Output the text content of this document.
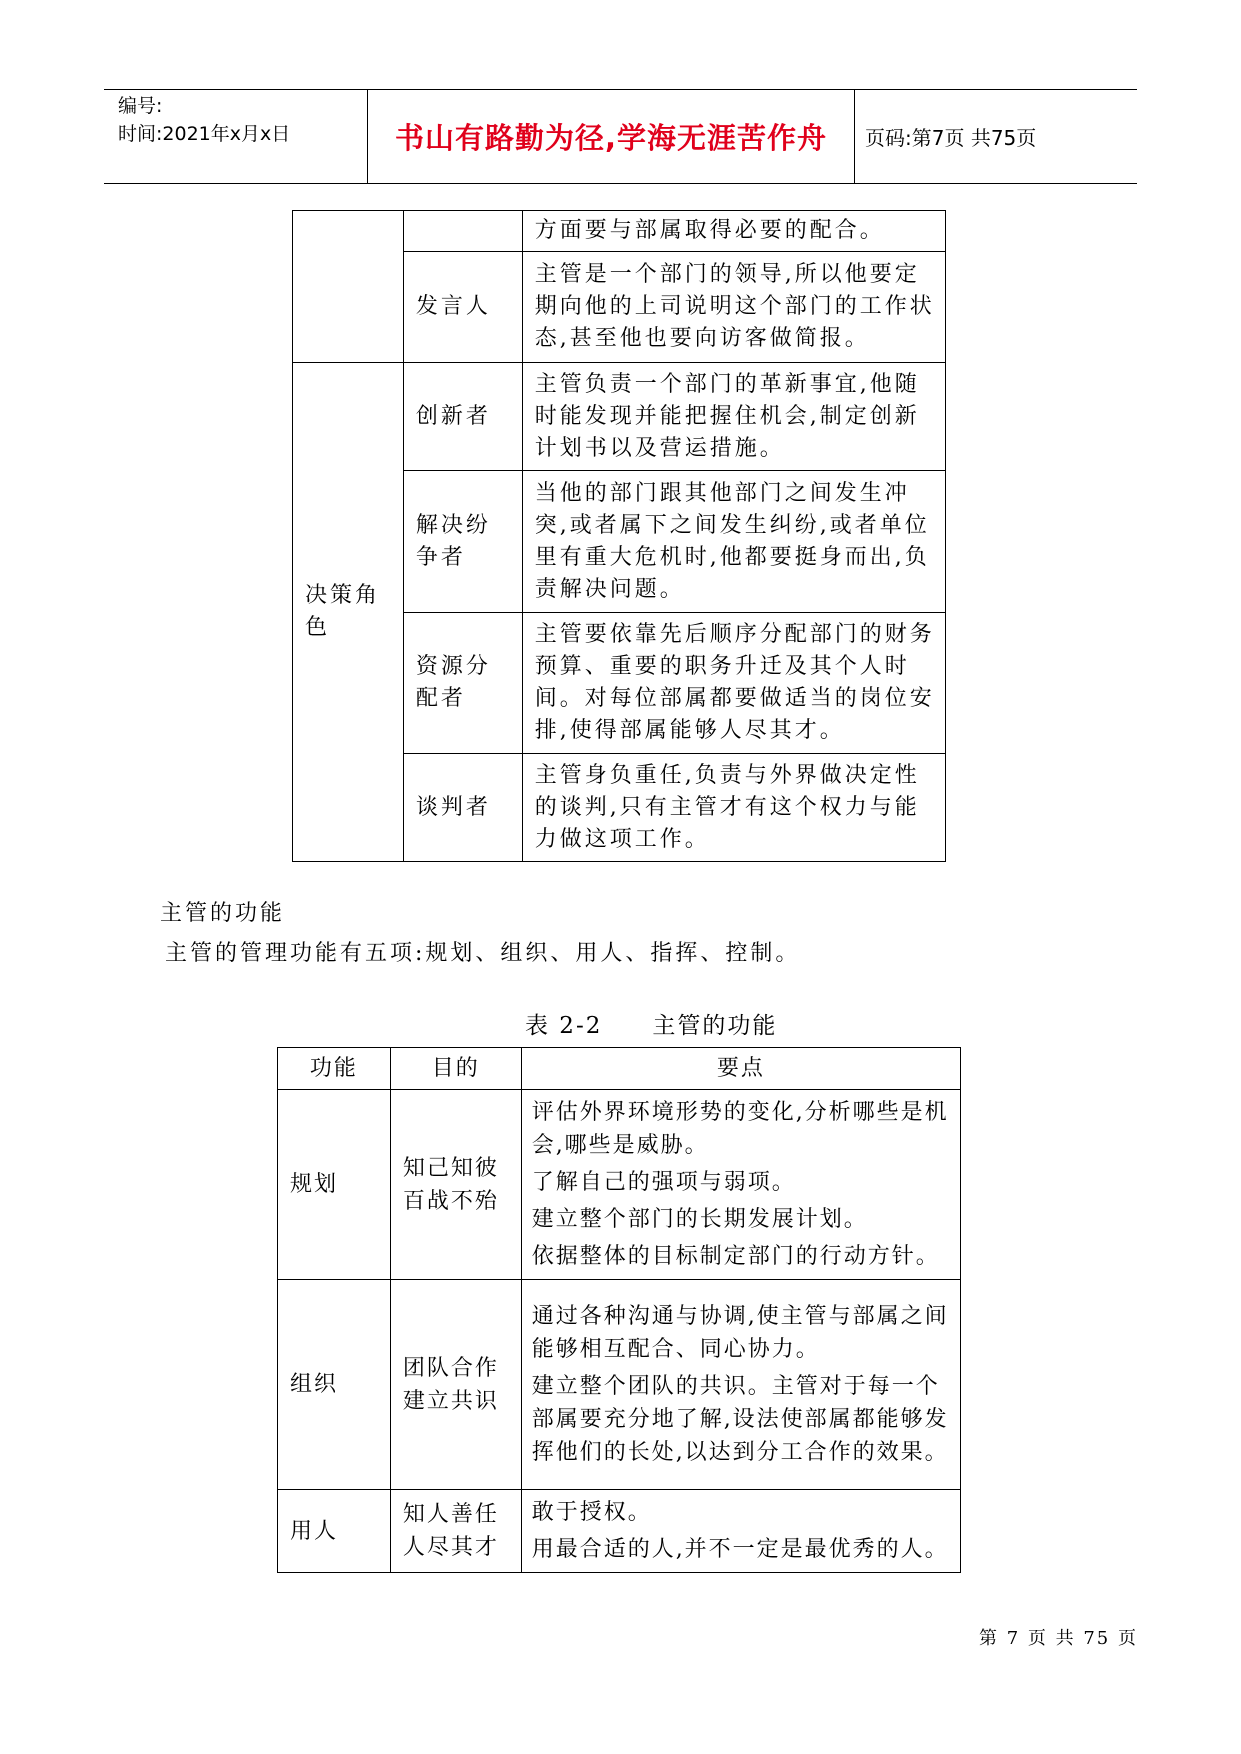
编号:
时间:2021年x月x日	书山有路勤为径,学海无涯苦作舟	页码:第7页 共75页
		方面要与部属取得必要的配合。
	发言人	主管是一个部门的领导,所以他要定期向他的上司说明这个部门的工作状态,甚至他也要向访客做简报。
决策角色	创新者	主管负责一个部门的革新事宜,他随时能发现并能把握住机会,制定创新计划书以及营运措施。
	解决纷争者	当他的部门跟其他部门之间发生冲突,或者属下之间发生纠纷,或者单位里有重大危机时,他都要挺身而出,负责解决问题。
	资源分配者	主管要依靠先后顺序分配部门的财务预算、重要的职务升迁及其个人时间。对每位部属都要做适当的岗位安排,使得部属能够人尽其才。
	谈判者	主管身负重任,负责与外界做决定性的谈判,只有主管才有这个权力与能力做这项工作。
主管的功能
主管的管理功能有五项:规划、组织、用人、指挥、控制。
表 2-2　　主管的功能
功能	目的	要点
规划	知己知彼百战不殆	评估外界环境形势的变化,分析哪些是机会,哪些是威胁。

了解自己的强项与弱项。

建立整个部门的长期发展计划。

依据整体的目标制定部门的行动方针。

组织	团队合作建立共识	通过各种沟通与协调,使主管与部属之间能够相互配合、同心协力。

建立整个团队的共识。主管对于每一个部属要充分地了解,设法使部属都能够发挥他们的长处,以达到分工合作的效果。

用人	知人善任人尽其才	敢于授权。

用最合适的人,并不一定是最优秀的人。

第 7 页 共 75 页
